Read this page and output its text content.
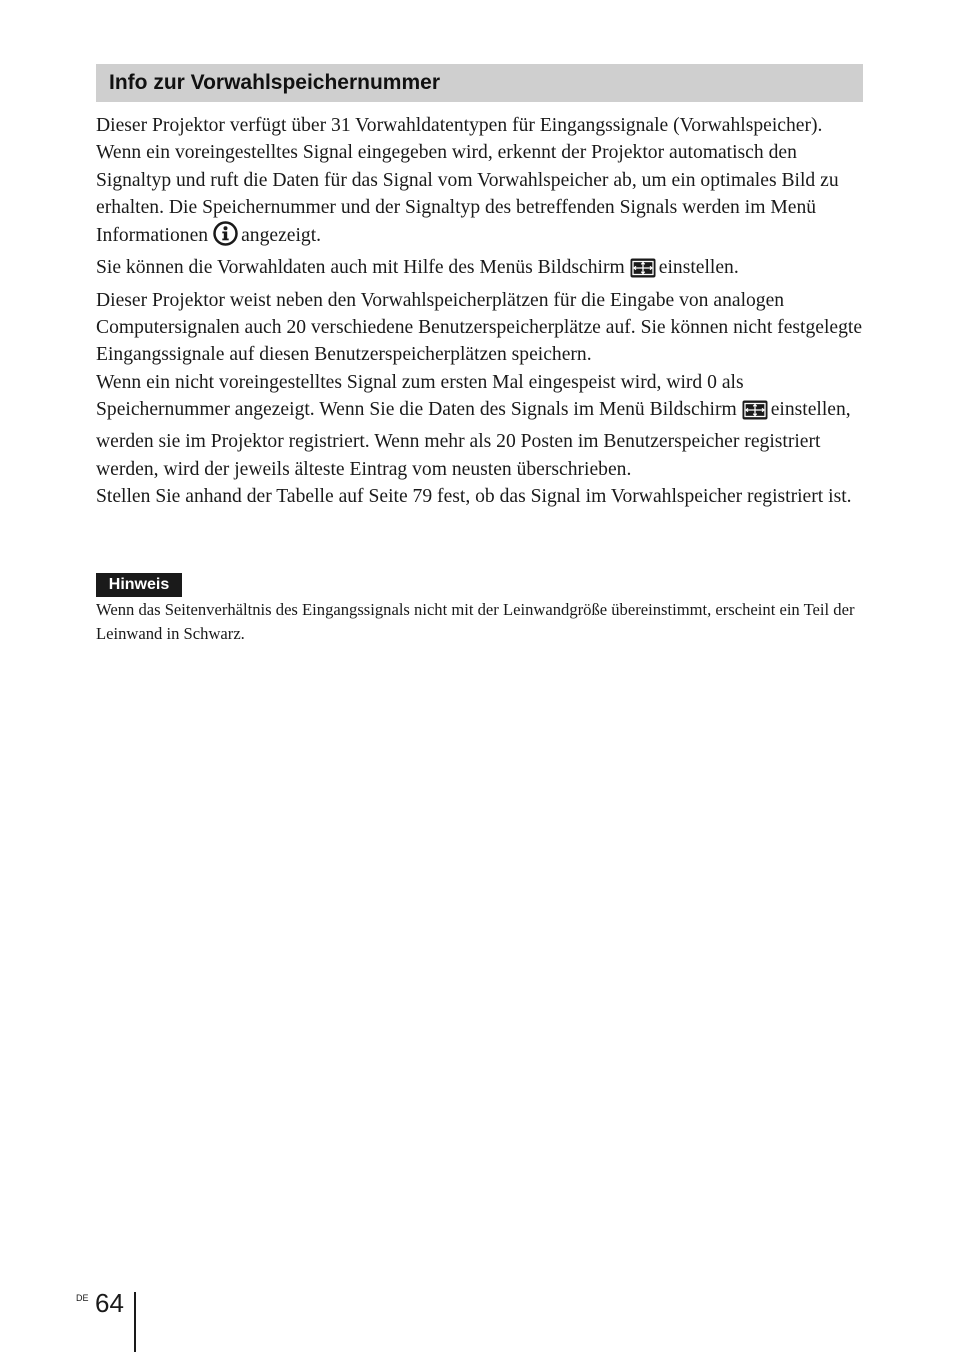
Info zur Vorwahlspeichernummer

Dieser Projektor verfügt über 31 Vorwahldatentypen für Eingangssignale (Vorwahlspeicher). Wenn ein voreingestelltes Signal eingegeben wird, erkennt der Projektor automatisch den Signaltyp und ruft die Daten für das Signal vom Vorwahlspeicher ab, um ein optimales Bild zu erhalten. Die Speichernummer und der Signaltyp des betreffenden Signals werden im Menü Informationen angezeigt.

Sie können die Vorwahldaten auch mit Hilfe des Menüs Bildschirm einstellen.

Dieser Projektor weist neben den Vorwahlspeicherplätzen für die Eingabe von analogen Computersignalen auch 20 verschiedene Benutzerspeicherplätze auf. Sie können nicht festgelegte Eingangssignale auf diesen Benutzerspeicherplätzen speichern.

Wenn ein nicht voreingestelltes Signal zum ersten Mal eingespeist wird, wird 0 als Speichernummer angezeigt. Wenn Sie die Daten des Signals im Menü Bildschirm einstellen, werden sie im Projektor registriert. Wenn mehr als 20 Posten im Benutzerspeicher registriert werden, wird der jeweils älteste Eintrag vom neusten überschrieben.

Stellen Sie anhand der Tabelle auf Seite 79 fest, ob das Signal im Vorwahlspeicher registriert ist.

Hinweis
Wenn das Seitenverhältnis des Eingangssignals nicht mit der Leinwandgröße übereinstimmt, erscheint ein Teil der Leinwand in Schwarz.
DE 64
